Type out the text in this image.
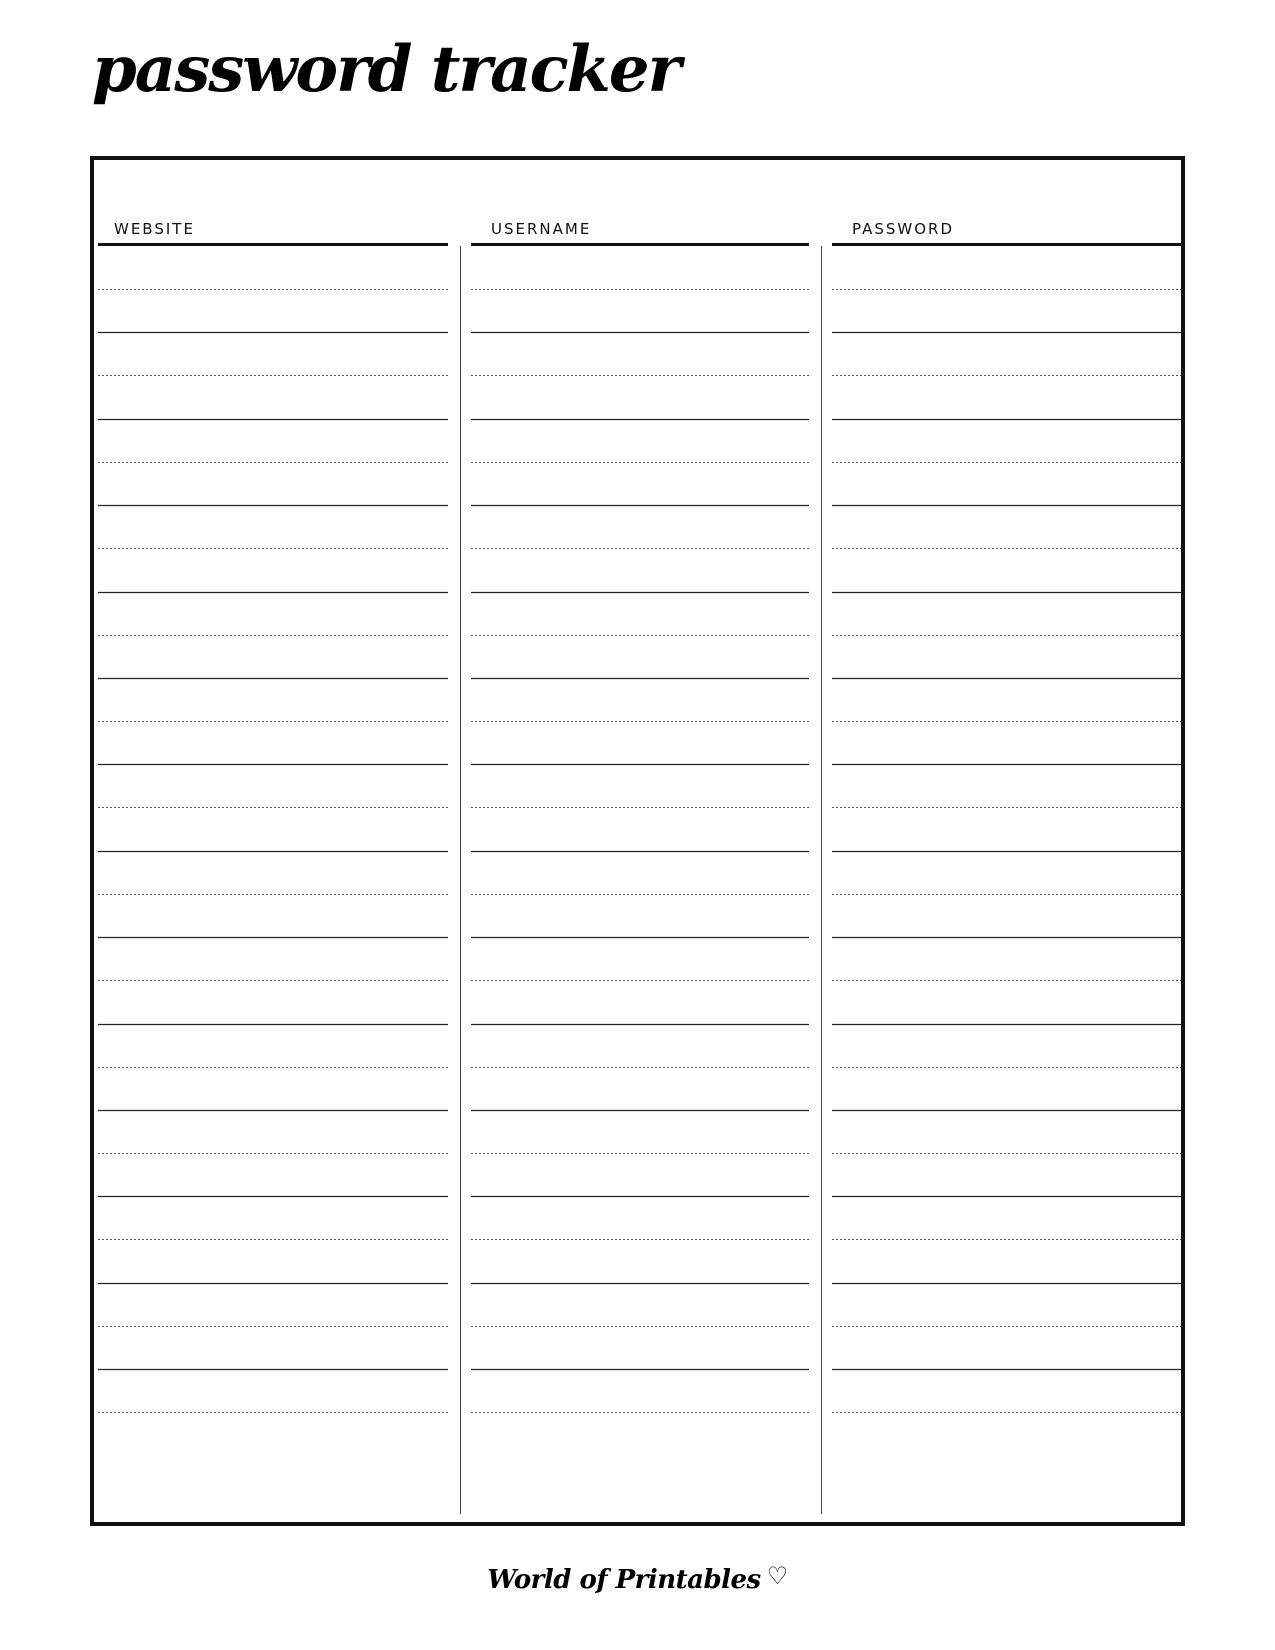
password tracker
WEBSITE	USERNAME	PASSWORD
World of Printables ♡
